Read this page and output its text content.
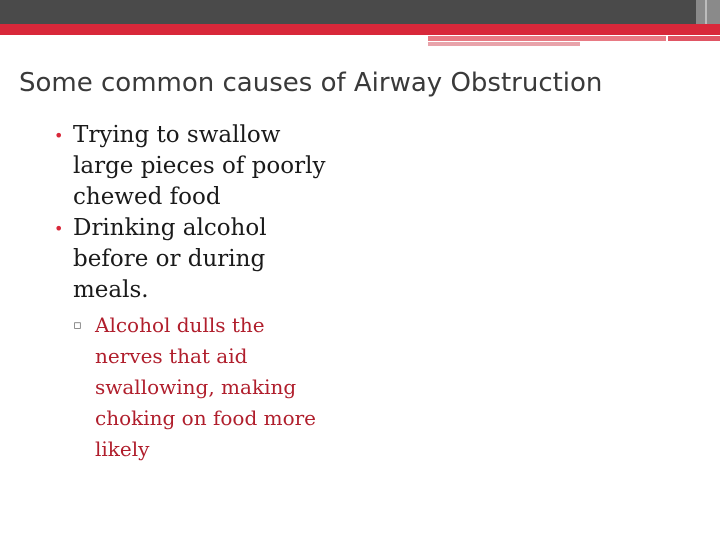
Some common causes of Airway Obstruction
• Trying to swallow large pieces of poorly chewed food
• Drinking alcohol before or during meals.
▫ Alcohol dulls the nerves that aid swallowing, making choking on food more likely
